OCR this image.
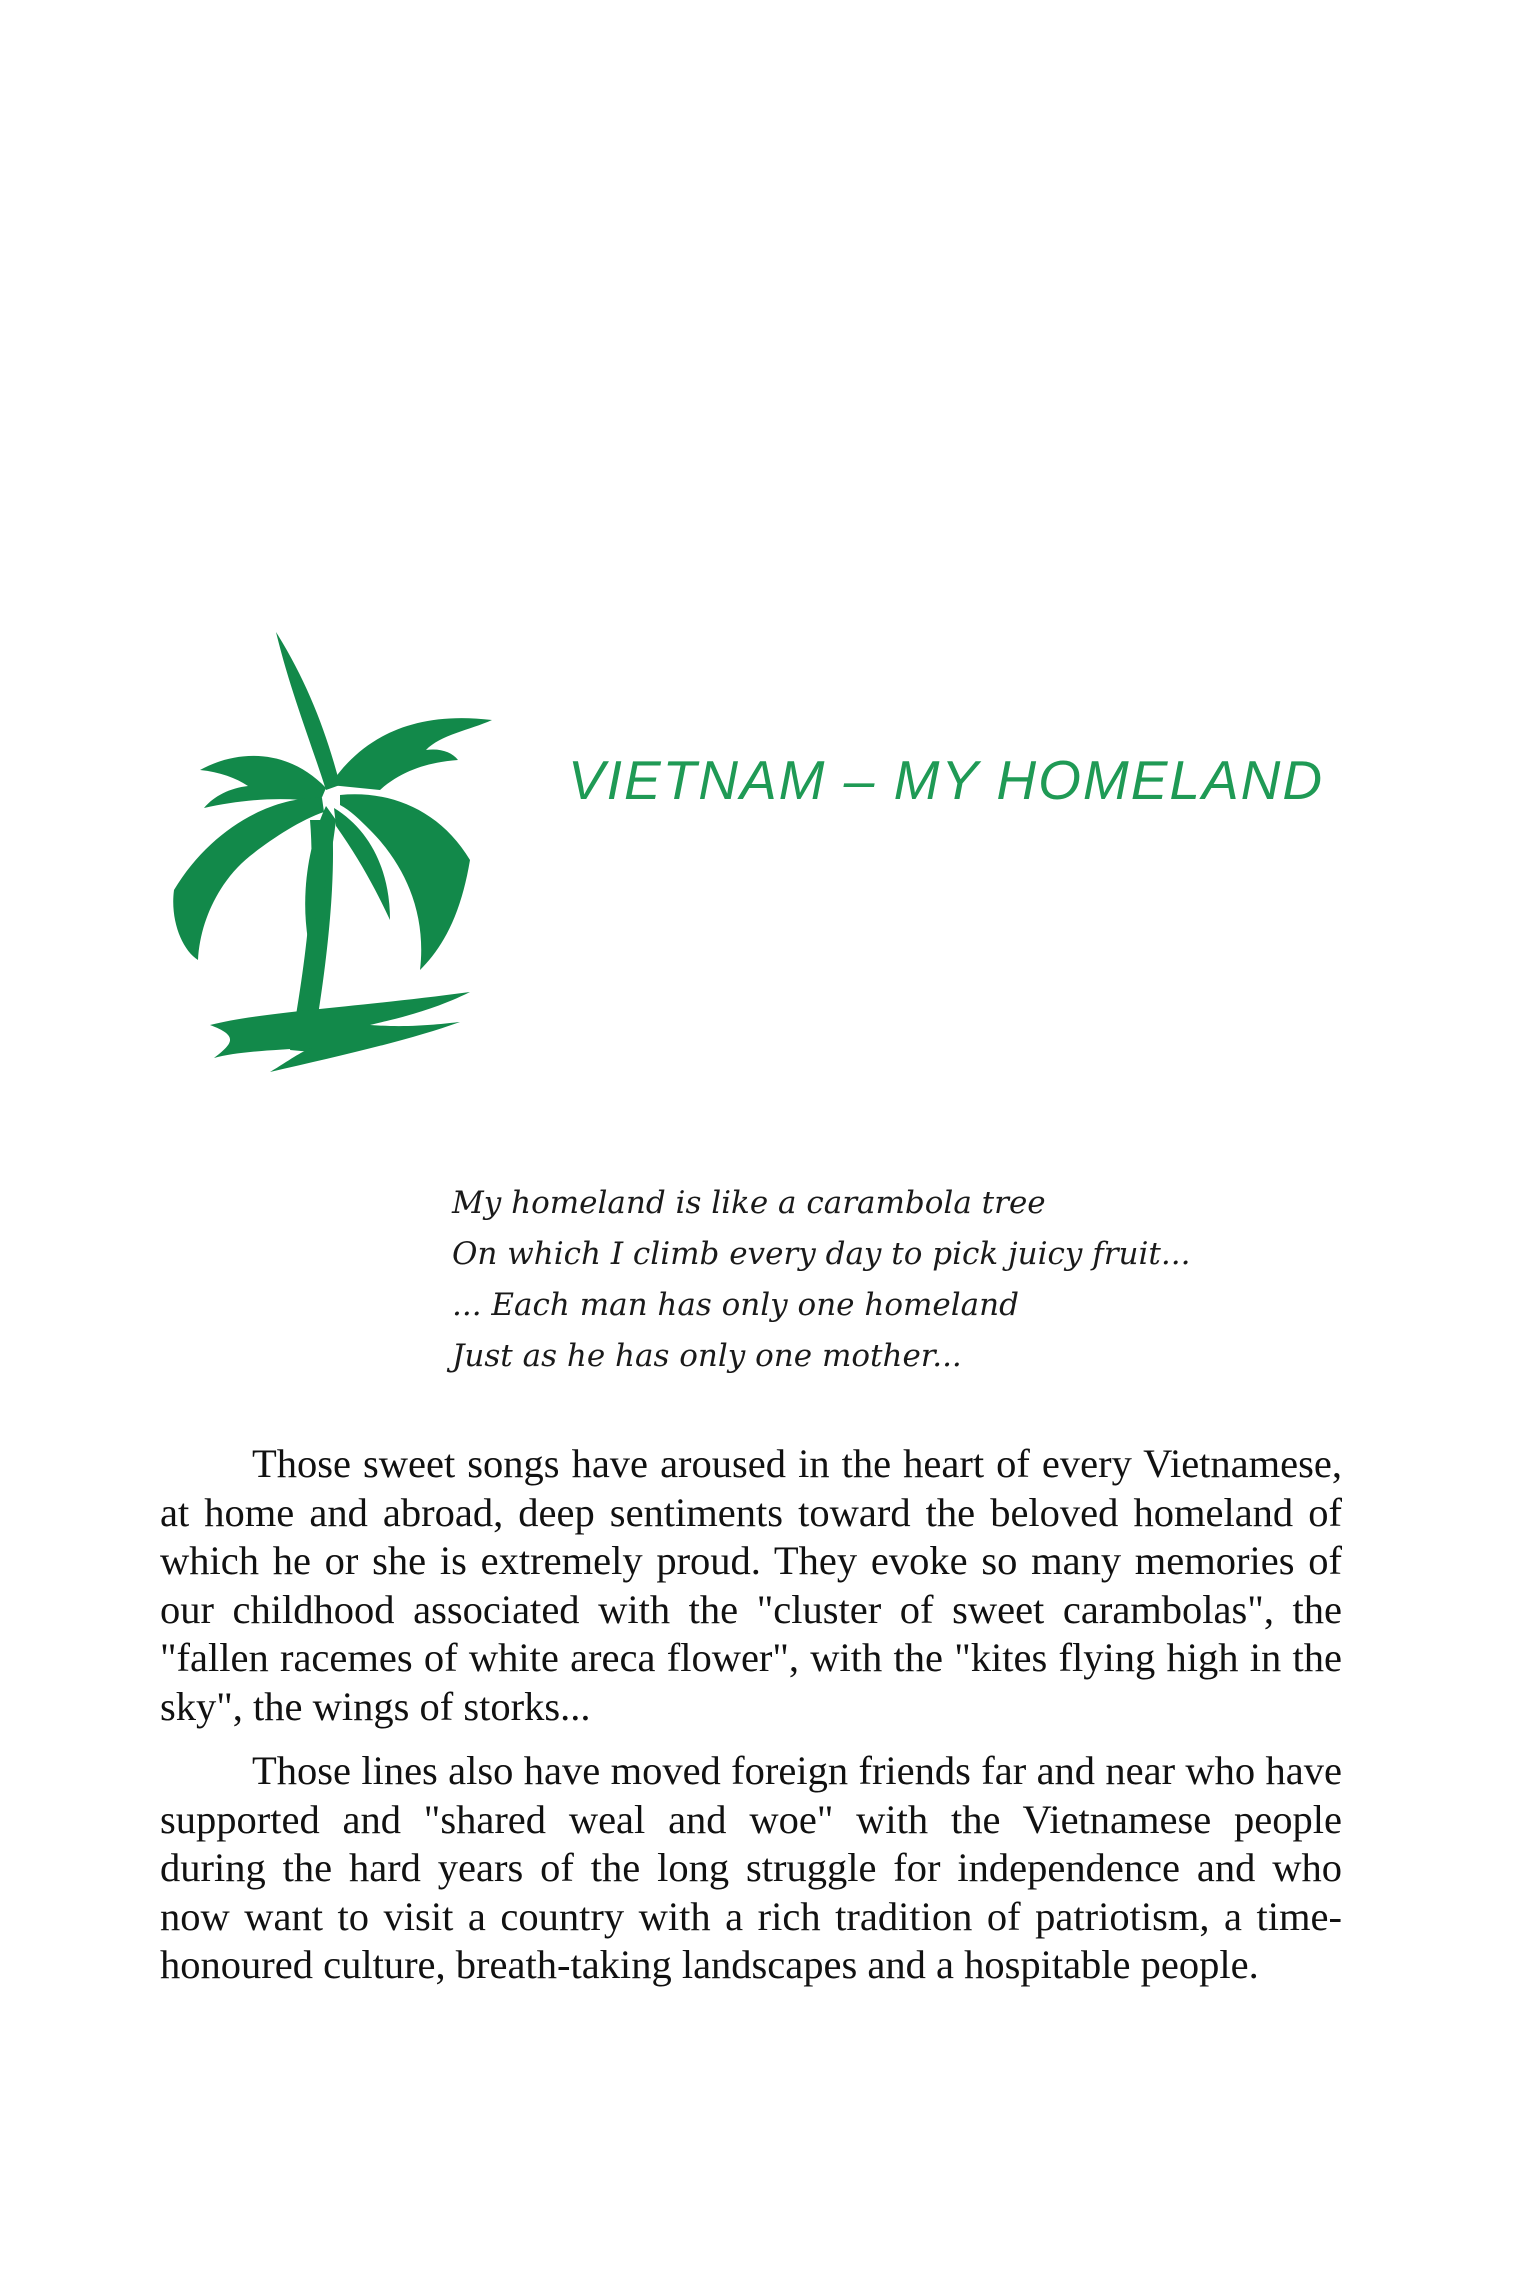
VIETNAM – MY HOMELAND
My homeland is like a carambola tree
On which I climb every day to pick juicy fruit...
... Each man has only one homeland
Just as he has only one mother...

Those sweet songs have aroused in the heart of every Vietnamese, at home and abroad, deep sentiments toward the beloved homeland of which he or she is extremely proud. They evoke so many memories of our childhood associated with the "cluster of sweet carambolas", the "fallen racemes of white areca flower", with the "kites flying high in the sky", the wings of storks...

Those lines also have moved foreign friends far and near who have supported and "shared weal and woe" with the Vietnamese people during the hard years of the long struggle for independence and who now want to visit a country with a rich tradition of patriotism, a time-honoured culture, breath-taking landscapes and a hospitable people.
